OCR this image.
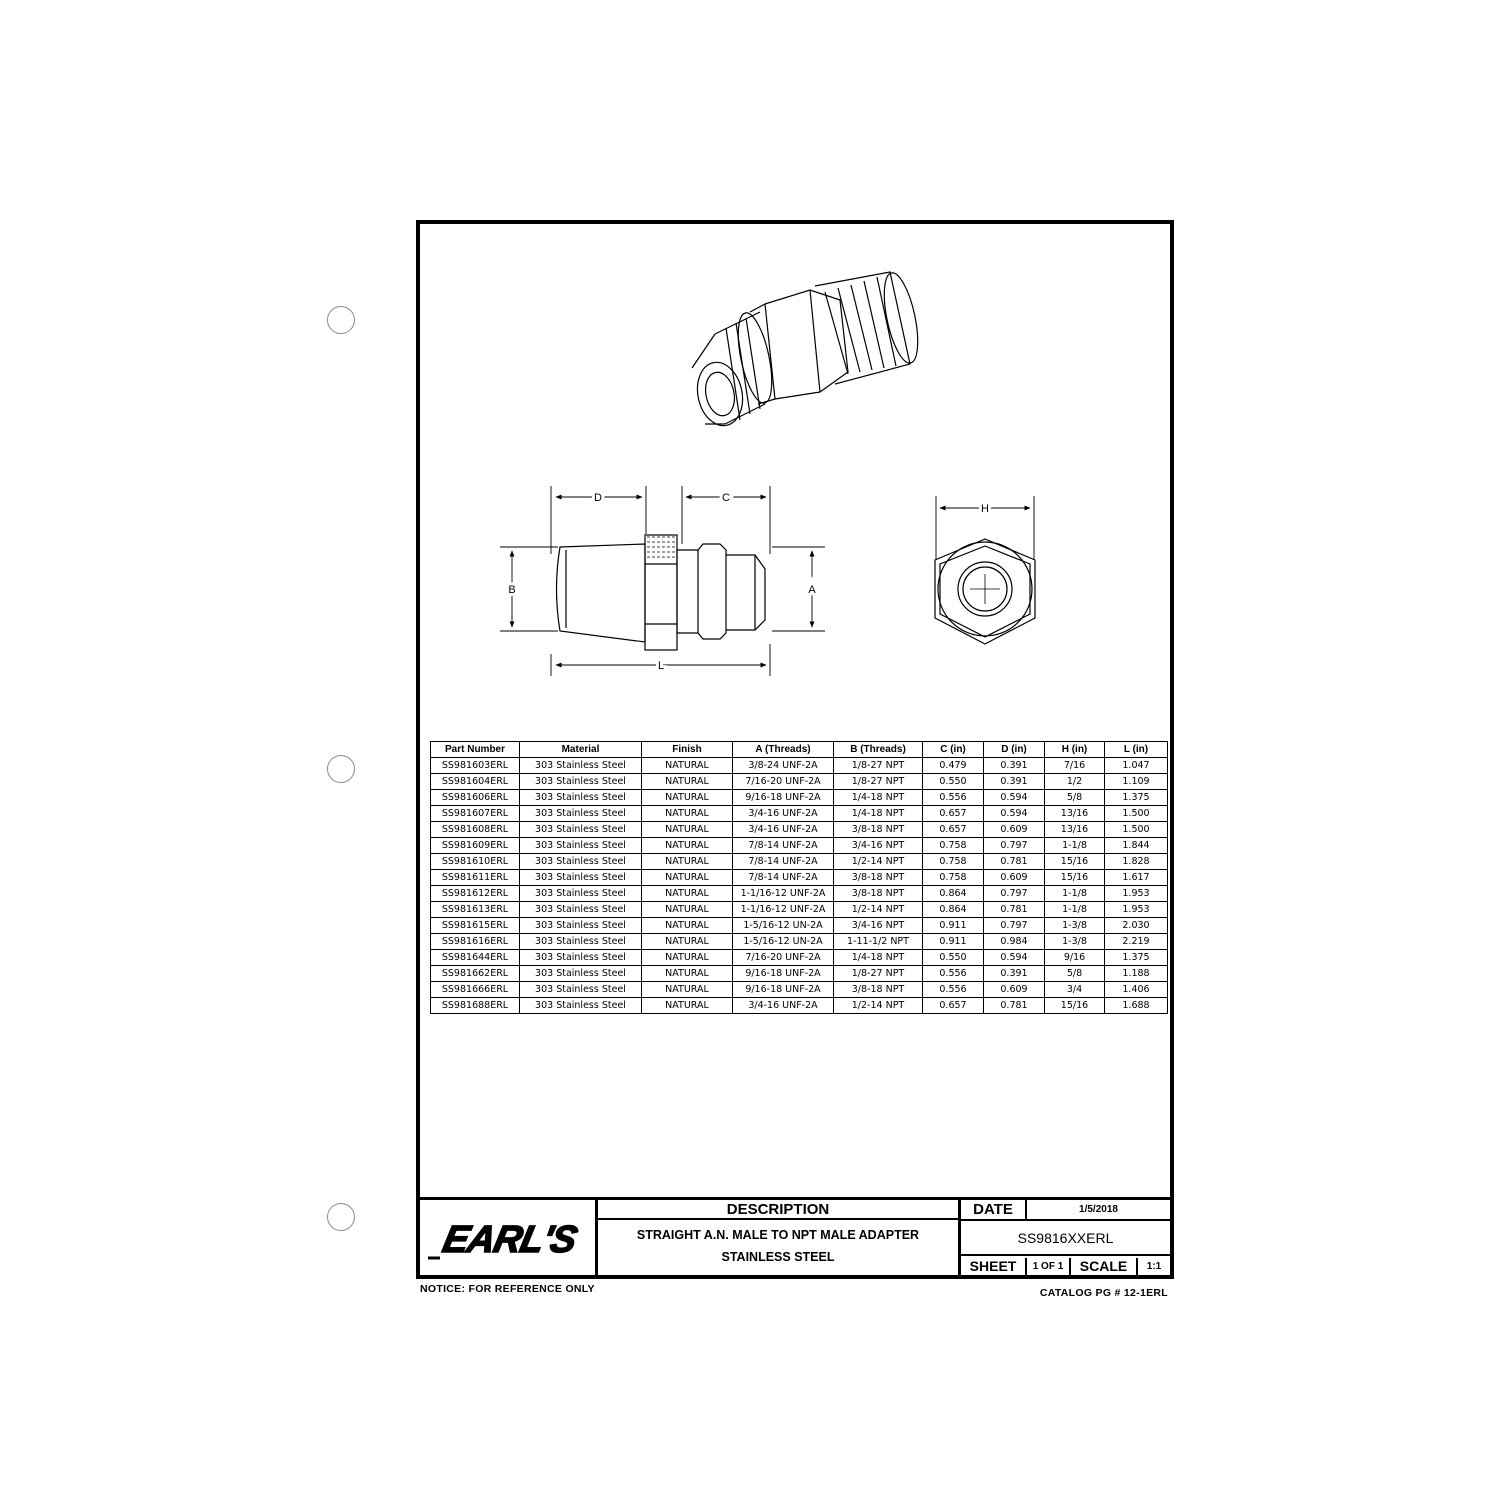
D	C
B	A
L
H
Part Number	Material	Finish	A (Threads)	B (Threads)	C (in)	D (in)	H (in)	L (in)
SS981603ERL	303 Stainless Steel	NATURAL	3/8-24 UNF-2A	1/8-27 NPT	0.479	0.391	7/16	1.047
SS981604ERL	303 Stainless Steel	NATURAL	7/16-20 UNF-2A	1/8-27 NPT	0.550	0.391	1/2	1.109
SS981606ERL	303 Stainless Steel	NATURAL	9/16-18 UNF-2A	1/4-18 NPT	0.556	0.594	5/8	1.375
SS981607ERL	303 Stainless Steel	NATURAL	3/4-16 UNF-2A	1/4-18 NPT	0.657	0.594	13/16	1.500
SS981608ERL	303 Stainless Steel	NATURAL	3/4-16 UNF-2A	3/8-18 NPT	0.657	0.609	13/16	1.500
SS981609ERL	303 Stainless Steel	NATURAL	7/8-14 UNF-2A	3/4-16 NPT	0.758	0.797	1-1/8	1.844
SS981610ERL	303 Stainless Steel	NATURAL	7/8-14 UNF-2A	1/2-14 NPT	0.758	0.781	15/16	1.828
SS981611ERL	303 Stainless Steel	NATURAL	7/8-14 UNF-2A	3/8-18 NPT	0.758	0.609	15/16	1.617
SS981612ERL	303 Stainless Steel	NATURAL	1-1/16-12 UNF-2A	3/8-18 NPT	0.864	0.797	1-1/8	1.953
SS981613ERL	303 Stainless Steel	NATURAL	1-1/16-12 UNF-2A	1/2-14 NPT	0.864	0.781	1-1/8	1.953
SS981615ERL	303 Stainless Steel	NATURAL	1-5/16-12 UN-2A	3/4-16 NPT	0.911	0.797	1-3/8	2.030
SS981616ERL	303 Stainless Steel	NATURAL	1-5/16-12 UN-2A	1-11-1/2 NPT	0.911	0.984	1-3/8	2.219
SS981644ERL	303 Stainless Steel	NATURAL	7/16-20 UNF-2A	1/4-18 NPT	0.550	0.594	9/16	1.375
SS981662ERL	303 Stainless Steel	NATURAL	9/16-18 UNF-2A	1/8-27 NPT	0.556	0.391	5/8	1.188
SS981666ERL	303 Stainless Steel	NATURAL	9/16-18 UNF-2A	3/8-18 NPT	0.556	0.609	3/4	1.406
SS981688ERL	303 Stainless Steel	NATURAL	3/4-16 UNF-2A	1/2-14 NPT	0.657	0.781	15/16	1.688
EARL'S
DESCRIPTION
STRAIGHT A.N. MALE TO NPT MALE ADAPTER
STAINLESS STEEL
DATE	1/5/2018
SS9816XXERL
SHEET	1 OF 1	SCALE	1:1
NOTICE: FOR REFERENCE ONLY	CATALOG PG # 12-1ERL
